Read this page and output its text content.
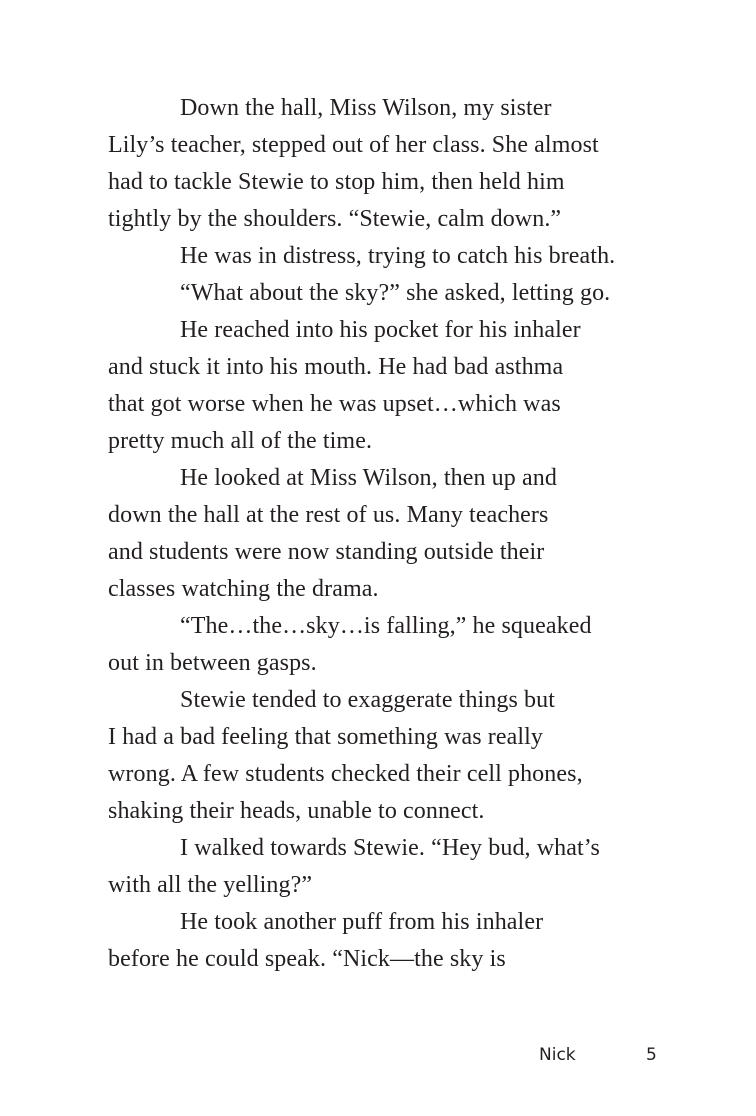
Down the hall, Miss Wilson, my sister
Lily’s teacher, stepped out of her class. She almost
had to tackle Stewie to stop him, then held him
tightly by the shoulders. “Stewie, calm down.”
He was in distress, trying to catch his breath.
“What about the sky?” she asked, letting go.
He reached into his pocket for his inhaler
and stuck it into his mouth. He had bad asthma
that got worse when he was upset…which was
pretty much all of the time.
He looked at Miss Wilson, then up and
down the hall at the rest of us. Many teachers
and students were now standing outside their
classes watching the drama.
“The…the…sky…is falling,” he squeaked
out in between gasps.
Stewie tended to exaggerate things but
I had a bad feeling that something was really
wrong. A few students checked their cell phones,
shaking their heads, unable to connect.
I walked towards Stewie. “Hey bud, what’s
with all the yelling?”
He took another puff from his inhaler
before he could speak. “Nick—the sky is
Nick	5
